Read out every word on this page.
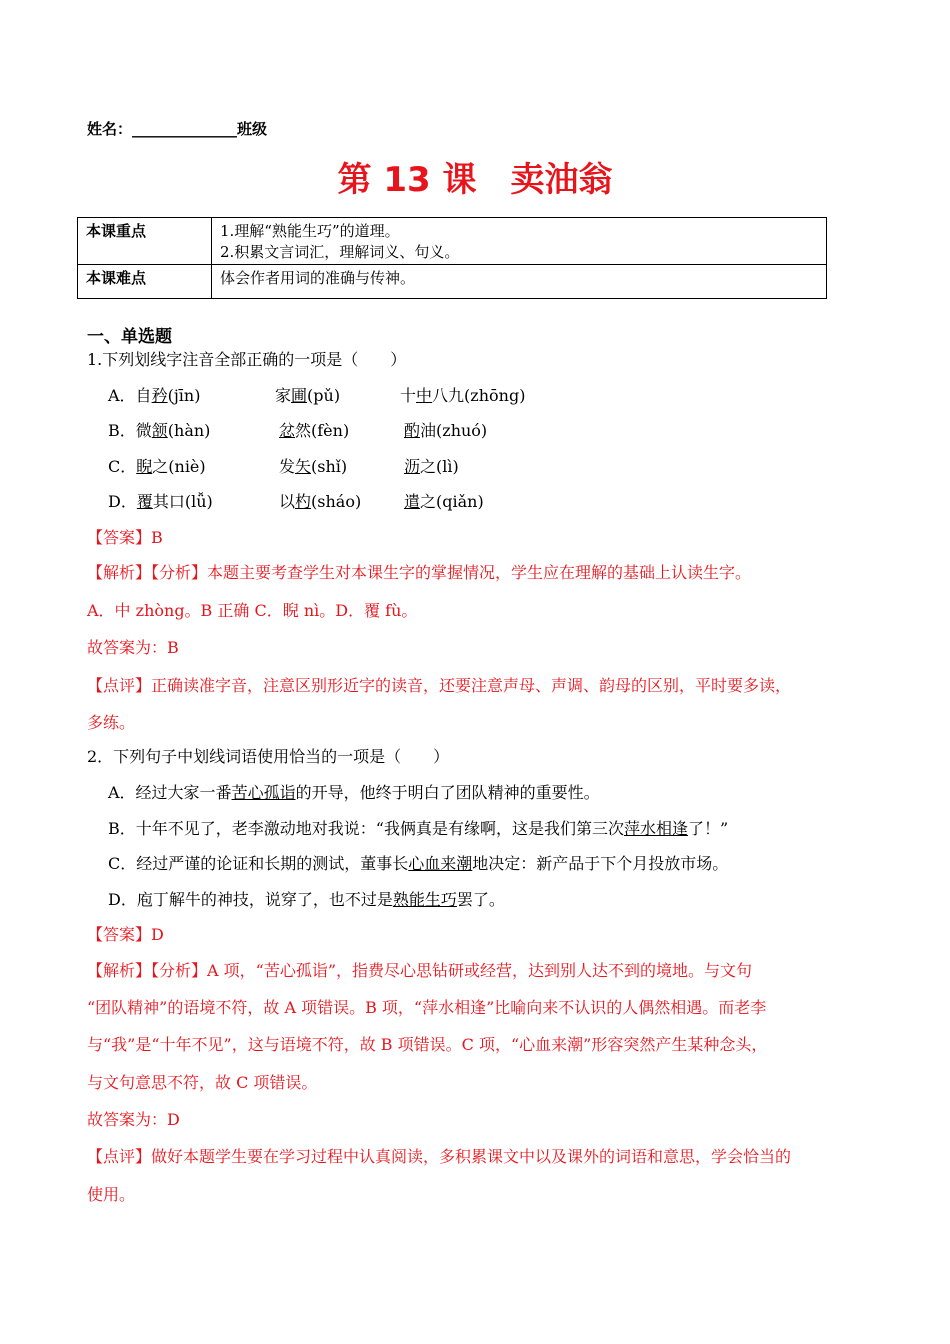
姓名：______________班级
第 13 课　卖油翁
本课重点	1.理解“熟能生巧”的道理。
2.积累文言词汇，理解词义、句义。

本课难点	体会作者用词的准确与传神。
一、单选题
1.下列划线字注音全部正确的一项是（　　）
A．自矜(jīn)	家圃(pǔ)	十中八九(zhōng)
B．微颔(hàn)	忿然(fèn)	酌油(zhuó)
C．睨之(niè)	发矢(shǐ)	沥之(lì)
D．覆其口(lǚ)	以杓(sháo)	遣之(qiǎn)
【答案】B
【解析】【分析】本题主要考查学生对本课生字的掌握情况，学生应在理解的基础上认读生字。
A．中 zhòng。B 正确 C．睨 nì。D．覆 fù。
故答案为：B
【点评】正确读准字音，注意区别形近字的读音，还要注意声母、声调、韵母的区别，平时要多读，
多练。
2．下列句子中划线词语使用恰当的一项是（　　）
A．经过大家一番苦心孤诣的开导，他终于明白了团队精神的重要性。
B．十年不见了，老李激动地对我说：“我俩真是有缘啊，这是我们第三次萍水相逢了！”
C．经过严谨的论证和长期的测试，董事长心血来潮地决定：新产品于下个月投放市场。
D．庖丁解牛的神技，说穿了，也不过是熟能生巧罢了。
【答案】D
【解析】【分析】A 项，“苦心孤诣”，指费尽心思钻研或经营，达到别人达不到的境地。与文句
“团队精神”的语境不符，故 A 项错误。B 项，“萍水相逢”比喻向来不认识的人偶然相遇。而老李
与“我”是“十年不见”，这与语境不符，故 B 项错误。C 项，“心血来潮”形容突然产生某种念头，
与文句意思不符，故 C 项错误。
故答案为：D
【点评】做好本题学生要在学习过程中认真阅读，多积累课文中以及课外的词语和意思，学会恰当的
使用。
